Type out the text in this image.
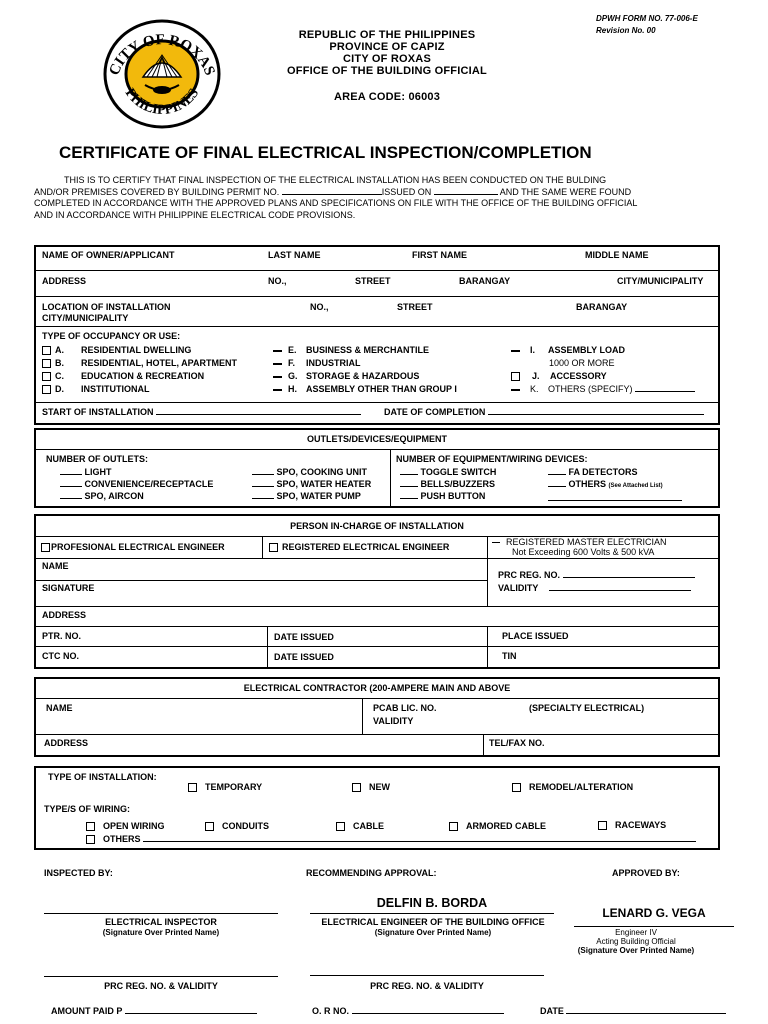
CITY OF ROXAS
PHILIPPINES
REPUBLIC OF THE PHILIPPINES
PROVINCE OF CAPIZ
CITY OF ROXAS
OFFICE OF THE BUILDING OFFICIAL
AREA CODE: 06003
DPWH FORM NO. 77-006-E
Revision No. 00
CERTIFICATE OF FINAL ELECTRICAL INSPECTION/COMPLETION
THIS IS TO CERTIFY THAT FINAL INSPECTION OF THE ELECTRICAL INSTALLATION HAS BEEN CONDUCTED ON THE BULDING
AND/OR PREMISES COVERED BY BUILDING PERMIT NO.	ISSUED ON	AND THE SAME WERE FOUND
COMPLETED IN ACCORDANCE WITH THE APPROVED PLANS AND SPECIFICATIONS ON FILE WITH THE OFFICE OF THE BUILDING OFFICIAL
AND IN ACCORDANCE WITH PHILIPPINE ELECTRICAL CODE PROVISIONS.
NAME OF OWNER/APPLICANT	LAST NAME	FIRST NAME	MIDDLE NAME
ADDRESS	NO.,	STREET	BARANGAY	CITY/MUNICIPALITY
LOCATION OF INSTALLATION	NO.,	STREET	BARANGAY
CITY/MUNICIPALITY
TYPE OF OCCUPANCY OR USE:
A. RESIDENTIAL DWELLING
B. RESIDENTIAL, HOTEL, APARTMENT
C. EDUCATION & RECREATION
D. INSTITUTIONAL
E. BUSINESS & MERCHANTILE
F. INDUSTRIAL
G. STORAGE & HAZARDOUS
H. ASSEMBLY OTHER THAN GROUP I
I. ASSEMBLY LOAD
1000 OR MORE
J. ACCESSORY
K. OTHERS (SPECIFY)
START OF INSTALLATION	DATE OF COMPLETION
OUTLETS/DEVICES/EQUIPMENT
NUMBER OF OUTLETS:
LIGHT
CONVENIENCE/RECEPTACLE
SPO, AIRCON
SPO, COOKING UNIT
SPO, WATER HEATER
SPO, WATER PUMP
NUMBER OF EQUIPMENT/WIRING DEVICES:
TOGGLE SWITCH
BELLS/BUZZERS
PUSH BUTTON
FA DETECTORS
OTHERS (See Attached List)
PERSON IN-CHARGE OF INSTALLATION
PROFESIONAL ELECTRICAL ENGINEER	REGISTERED ELECTRICAL ENGINEER	REGISTERED MASTER ELECTRICIAN
Not Exceeding 600 Volts & 500 kVA
NAME
SIGNATURE
PRC REG. NO.
VALIDITY
ADDRESS
PTR. NO.	DATE ISSUED	PLACE ISSUED
CTC NO.	DATE ISSUED	TIN
ELECTRICAL CONTRACTOR (200-AMPERE MAIN AND ABOVE
NAME	PCAB LIC. NO.	(SPECIALTY ELECTRICAL)
VALIDITY
ADDRESS	TEL/FAX NO.
TYPE OF INSTALLATION:
TEMPORARY	NEW	REMODEL/ALTERATION
TYPE/S OF WIRING:
OPEN WIRING	CONDUITS	CABLE	ARMORED CABLE	RACEWAYS
OTHERS
INSPECTED BY:	RECOMMENDING APPROVAL:	APPROVED BY:
DELFIN B. BORDA
LENARD G. VEGA
ELECTRICAL INSPECTOR
(Signature Over Printed Name)
ELECTRICAL ENGINEER OF THE BUILDING OFFICE
(Signature Over Printed Name)	Engineer IV
Acting Building Official
(Signature Over Printed Name)
PRC REG. NO. & VALIDITY	PRC REG. NO. & VALIDITY
AMOUNT PAID P	O. R NO.	DATE
